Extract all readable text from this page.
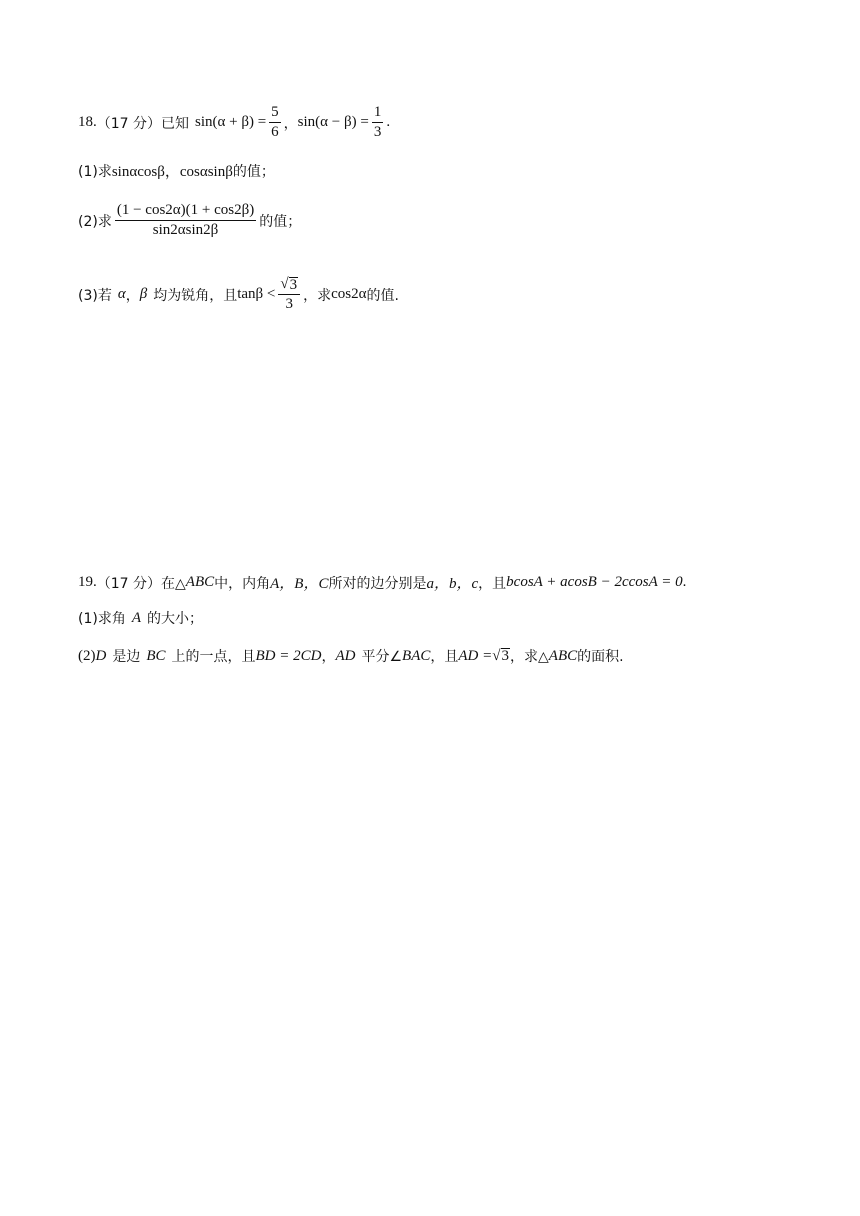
18. （17 分） 已知 $\sin(\alpha + \beta) = \frac{5}{6}$ ， $\sin(\alpha - \beta) = \frac{1}{3}$ .
(1)求 sinαcosβ，cosαsinβ 的值；
(2)求 $\frac{(1 - \cos 2\alpha)(1 + \cos 2\beta)}{\sin 2\alpha\sin 2\beta}$ 的值；
(3)若 α ， β 均为锐角，且 $\tan\beta < \frac{√ 3}{3}$ ，求 cos2α 的值.
19. （17 分） 在△ ABC 中，内角 A，B，C 所对的边分别是 a，b，c ，且 bcosA + acosB − 2ccosA = 0 .
(1)求角 A 的大小；
(2) D 是边 BC 上的一点，且 BD = 2CD ， AD 平分∠ BAC ，且 AD = √ 3 ，求△ ABC 的面积.
